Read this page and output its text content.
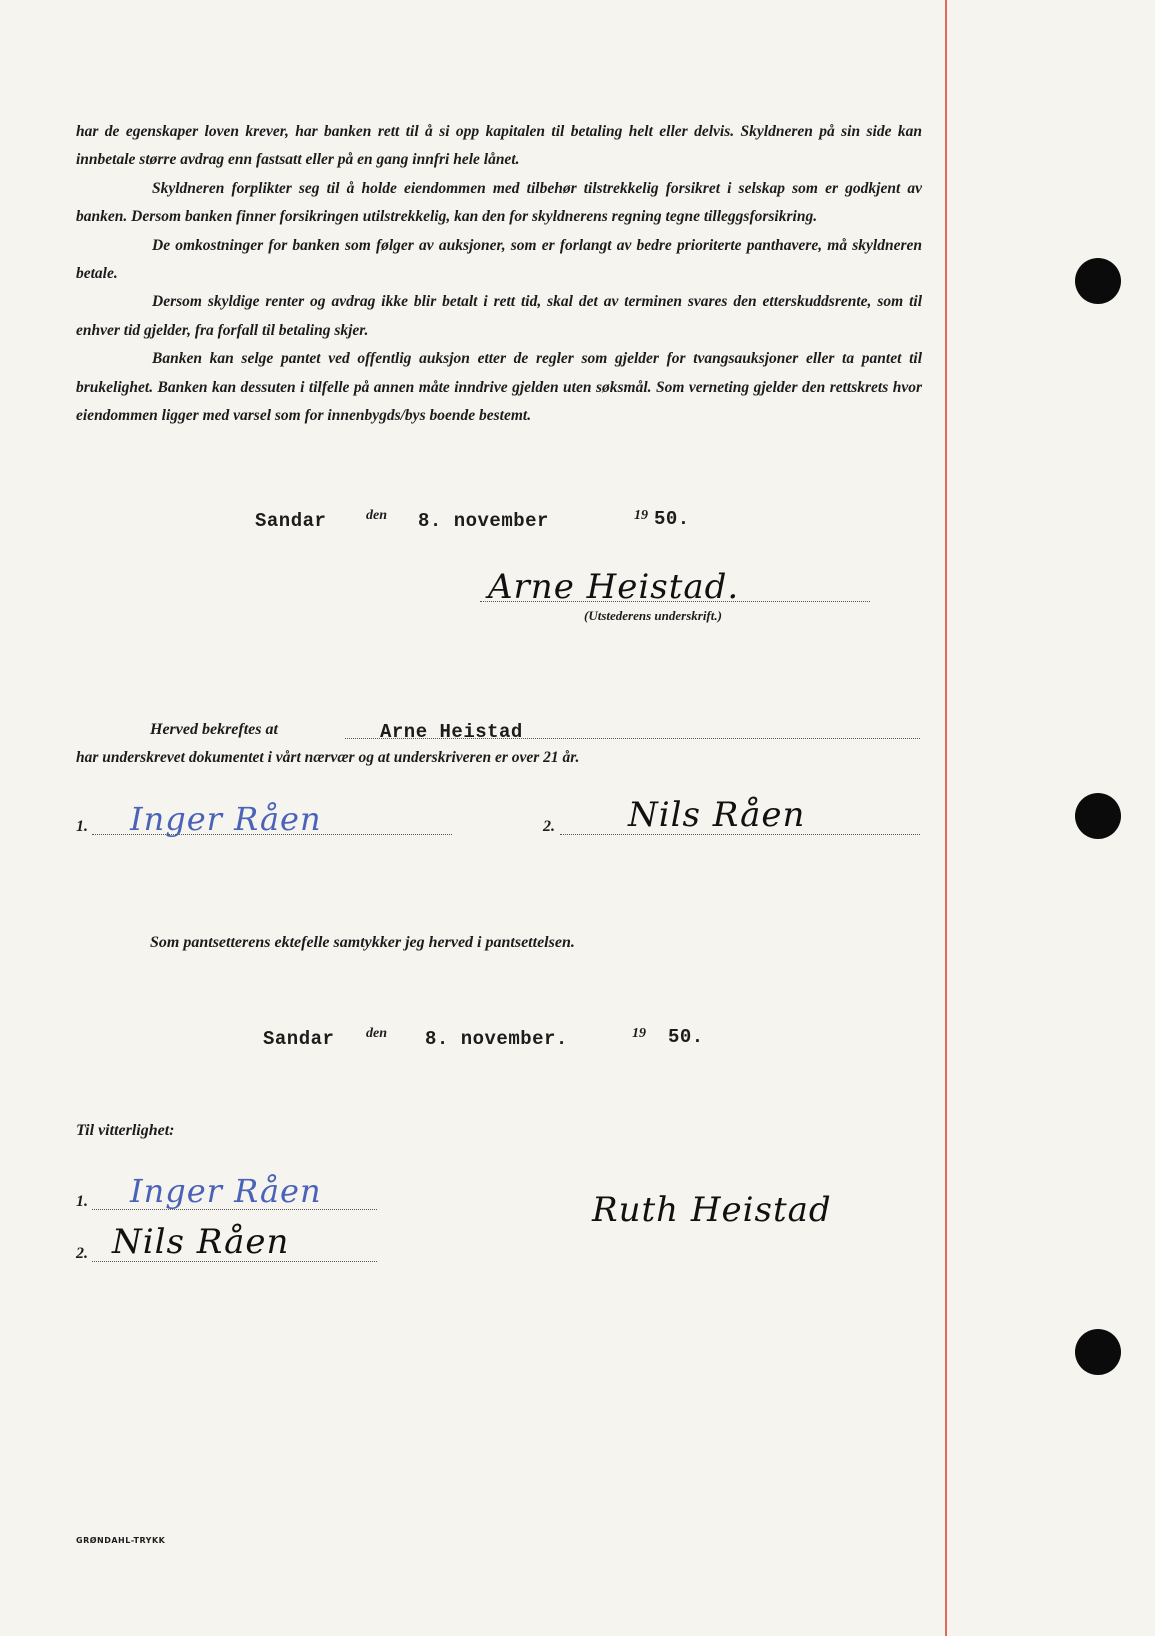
har de egenskaper loven krever, har banken rett til å si opp kapitalen til betaling helt eller delvis. Skyldneren på sin side kan innbetale større avdrag enn fastsatt eller på en gang innfri hele lånet.

Skyldneren forplikter seg til å holde eiendommen med tilbehør tilstrekkelig forsikret i selskap som er godkjent av banken. Dersom banken finner forsikringen utilstrekkelig, kan den for skyldnerens regning tegne tilleggsforsikring.

De omkostninger for banken som følger av auksjoner, som er forlangt av bedre prioriterte panthavere, må skyldneren betale.

Dersom skyldige renter og avdrag ikke blir betalt i rett tid, skal det av terminen svares den etterskuddsrente, som til enhver tid gjelder, fra forfall til betaling skjer.

Banken kan selge pantet ved offentlig auksjon etter de regler som gjelder for tvangsauksjoner eller ta pantet til brukelighet. Banken kan dessuten i tilfelle på annen måte inndrive gjelden uten søksmål. Som verneting gjelder den rettskrets hvor eiendommen ligger med varsel som for innenbygds/bys boende bestemt.

Sandar	den 8. november	19 50.
Arne Heistad.
(Utstederens underskrift.)
Herved bekreftes at	Arne Heistad
har underskrevet dokumentet i vårt nærvær og at underskriveren er over 21 år.
1. Inger Råen	2. Nils Råen
Som pantsetterens ektefelle samtykker jeg herved i pantsettelsen.
Sandar den 8. november.	19 50.
Til vitterlighet:
1. Inger Råen
2. Nils Råen
Ruth Heistad
GRØNDAHL-TRYKK
